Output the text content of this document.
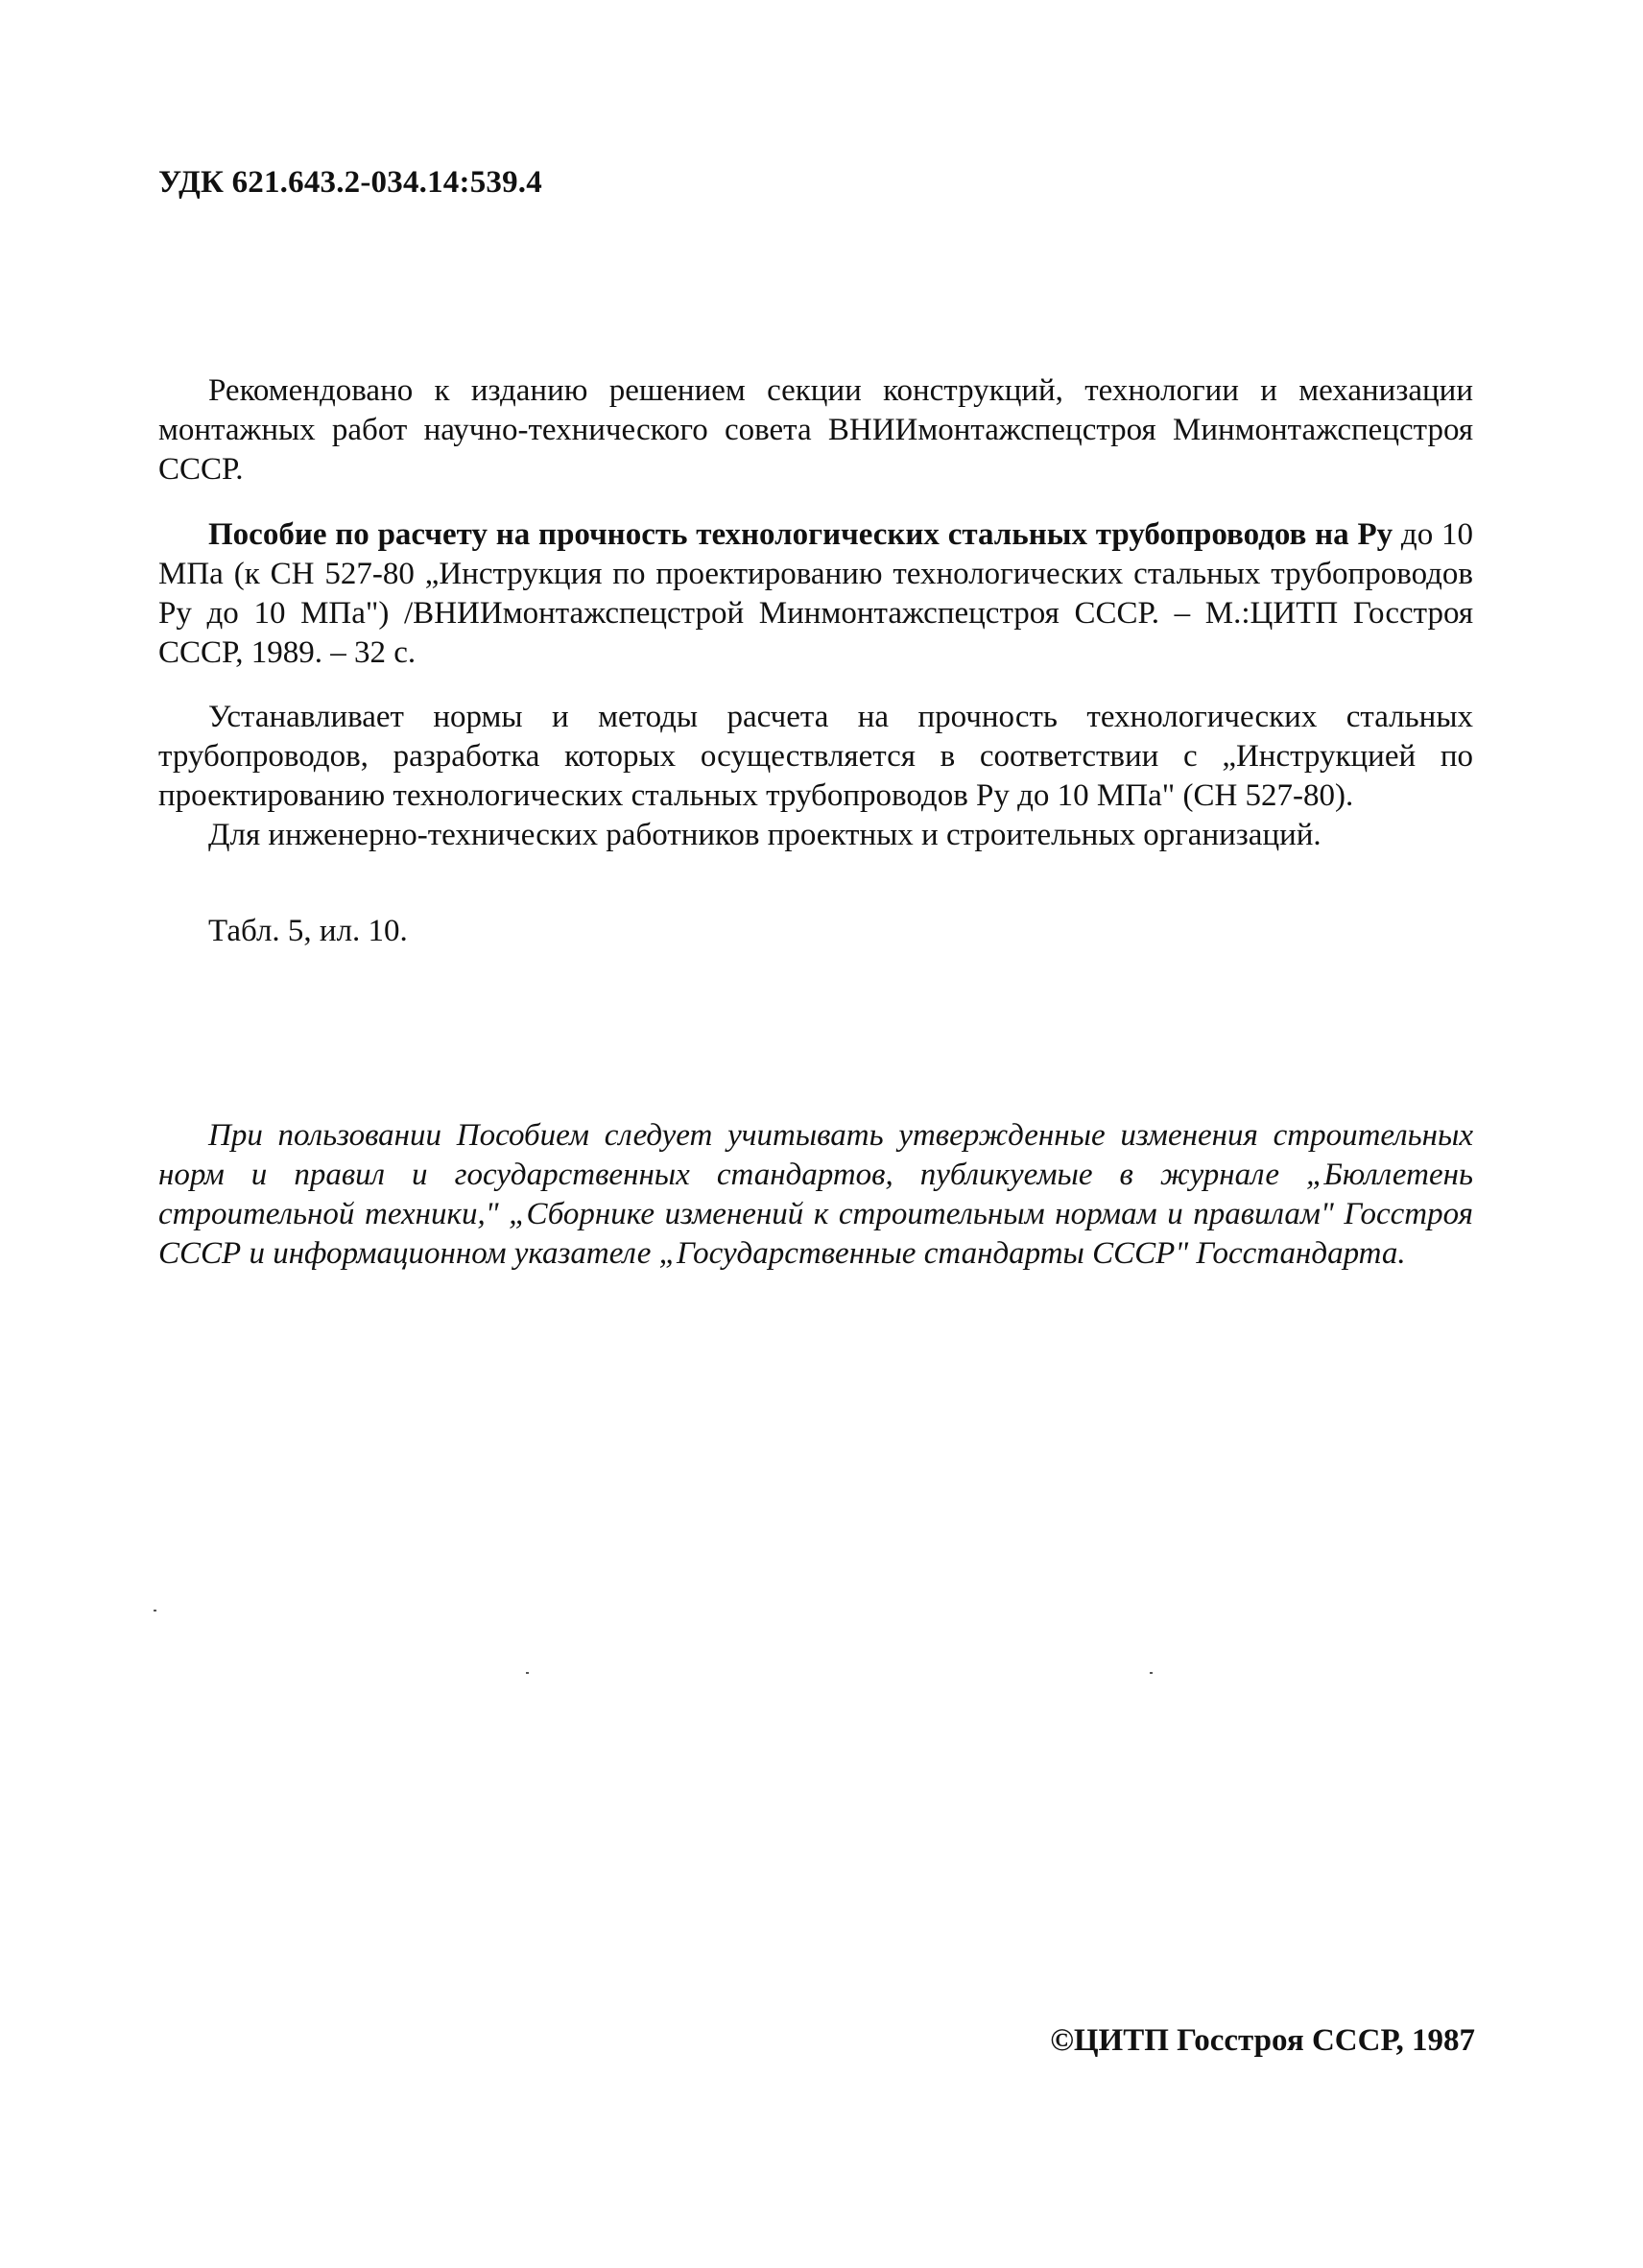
УДК 621.643.2-034.14:539.4

Рекомендовано к изданию решением секции конструкций, технологии и механизации монтажных работ научно-технического совета ВНИИмонтажспецстроя Минмонтажспецстроя СССР.

Пособие по расчету на прочность технологических стальных трубопроводов на Pу до 10 МПа (к СН 527-80 „Инструкция по проектированию технологических стальных трубопроводов Pу до 10 МПа") /ВНИИмонтажспецстрой Минмонтажспецстроя СССР. – М.:ЦИТП Госстроя СССР, 1989. – 32 с.

Устанавливает нормы и методы расчета на прочность технологических стальных трубопроводов, разработка которых осуществляется в соответствии с „Инструкцией по проектированию технологических стальных трубопроводов Pу до 10 МПа" (СН 527-80).

Для инженерно-технических работников проектных и строительных организаций.

Табл. 5, ил. 10.

При пользовании Пособием следует учитывать утвержденные изменения строительных норм и правил и государственных стандартов, публикуемые в журнале „Бюллетень строительной техники," „Сборнике изменений к строительным нормам и правилам" Госстроя СССР и информационном указателе „Государственные стандарты СССР" Госстандарта.

©ЦИТП Госстроя СССР, 1987
